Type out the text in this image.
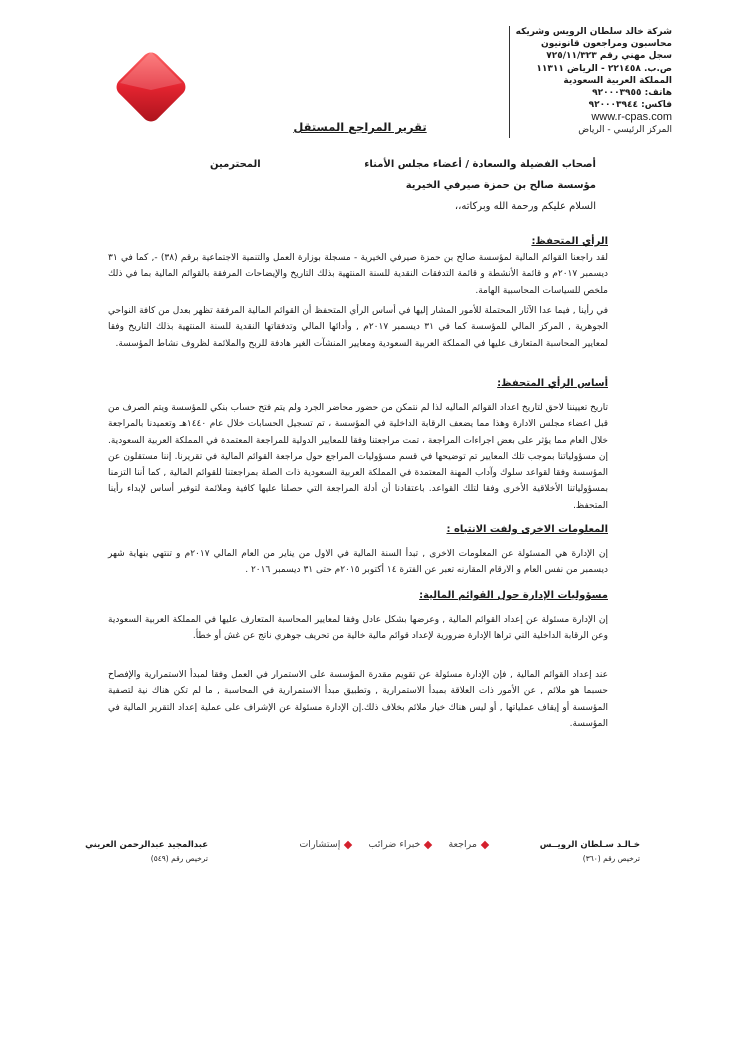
شركة خالد سلطان الرويس وشريكه
محاسبون ومراجعون قانونيون
سجل مهني رقم ٧٢٥/١١/٣٢٣
ص.ب. ٢٢١٤٥٨ - الرياض ١١٣١١
المملكة العربية السعودية
هاتف: ٩٢٠٠٠٣٩٥٥
فاكس: ٩٢٠٠٠٣٩٤٤
www.r-cpas.com
المركز الرئيسي - الرياض
تقرير المراجع المستقل
أصحاب الفضيلة والسعادة / أعضاء مجلس الأمناء
المحترمين
مؤسسة صالح بن حمزة صيرفي الخيرية
السلام عليكم ورحمة الله وبركاته،،
الرأي المتحفظ:
لقد راجعنا القوائم المالية لمؤسسة صالح بن حمزة صيرفي الخيرية - مسجلة بوزارة العمل والتنمية الاجتماعية برقم (٣٨) -, كما في ٣١ ديسمبر ٢٠١٧م و قائمة الأنشطة و قائمة التدفقات النقدية للسنة المنتهية بذلك التاريخ والإيضاحات المرفقة بالقوائم المالية بما في ذلك ملخص للسياسات المحاسبية الهامة.
في رأينا , فيما عدا الآثار المحتملة للأمور المشار إليها في أساس الرأي المتحفظ أن القوائم المالية المرفقة تظهر بعدل من كافة النواحي الجوهرية , المركز المالي للمؤسسة كما في ٣١ ديسمبر ٢٠١٧م , وأدائها المالي وتدفقاتها النقدية للسنة المنتهية بذلك التاريخ وفقا لمعايير المحاسبة المتعارف عليها في المملكة العربية السعودية ومعايير المنشآت الغير هادفة للربح والملائمة لظروف نشاط المؤسسة.
أساس الرأي المتحفظ:
تاريخ تعييننا لاحق لتاريخ اعداد القوائم الماليه لذا لم نتمكن من حضور محاضر الجرد ولم يتم فتح حساب بنكي للمؤسسة ويتم الصرف من قبل اعضاء مجلس الادارة وهذا مما يضعف الرقابة الداخلية في المؤسسة ، تم تسجيل الحسابات خلال عام ١٤٤٠هـ وتعميدنا بالمراجعة خلال العام مما يؤثر على بعض اجراءات المراجعة ، تمت مراجعتنا وفقا للمعايير الدولية للمراجعة المعتمدة في المملكة العربية السعودية. إن مسؤولياتنا بموجب تلك المعايير تم توضيحها في قسم مسؤوليات المراجع حول مراجعة القوائم المالية في تقريرنا. إننا مستقلون عن المؤسسة وفقا لقواعد سلوك وآداب المهنة المعتمدة في المملكة العربية السعودية ذات الصلة بمراجعتنا للقوائم المالية , كما أننا التزمنا بمسؤولياتنا الأخلاقية الأخرى وفقا لتلك القواعد. باعتقادنا أن أدلة المراجعة التي حصلنا عليها كافية وملائمة لتوفير أساس لإبداء رأينا المتحفظ.
المعلومات الاخرى ولفت الانتباه :
إن الإدارة هي المسئولة عن المعلومات الاخرى , تبدأ السنة المالية في الاول من يناير من العام المالي ٢٠١٧م و تنتهي بنهاية شهر ديسمبر من نفس العام و الارقام المقارنه تعبر عن الفترة ١٤ أكتوبر ٢٠١٥م حتى ٣١ ديسمبر ٢٠١٦ .
مسؤوليات الإدارة حول القوائم المالية:
إن الإدارة مسئولة عن إعداد القوائم المالية , وعرضها بشكل عادل وفقا لمعايير المحاسبة المتعارف عليها في المملكة العربية السعودية وعن الرقابة الداخلية التي تراها الإدارة ضرورية لإعداد قوائم مالية خالية من تحريف جوهري ناتج عن غش أو خطأ.
عند إعداد القوائم المالية , فإن الإدارة مسئولة عن تقويم مقدرة المؤسسة على الاستمرار في العمل وفقا لمبدأ الاستمرارية والإفصاح حسبما هو ملائم , عن الأمور ذات العلاقة بمبدأ الاستمرارية , وتطبيق مبدأ الاستمرارية في المحاسبة , ما لم تكن هناك نية لتصفية المؤسسة أو إيقاف عملياتها , أو ليس هناك خيار ملائم بخلاف ذلك.إن الإدارة مسئولة عن الإشراف على عملية إعداد التقرير المالية في المؤسسة.
خـالـد سـلطان الرويــس
ترخيص رقم (٣٦٠)
مراجعة خبراء ضرائب إستشارات
عبدالمجيد عبدالرحمن العريني
ترخيص رقم (٥٤٩)
